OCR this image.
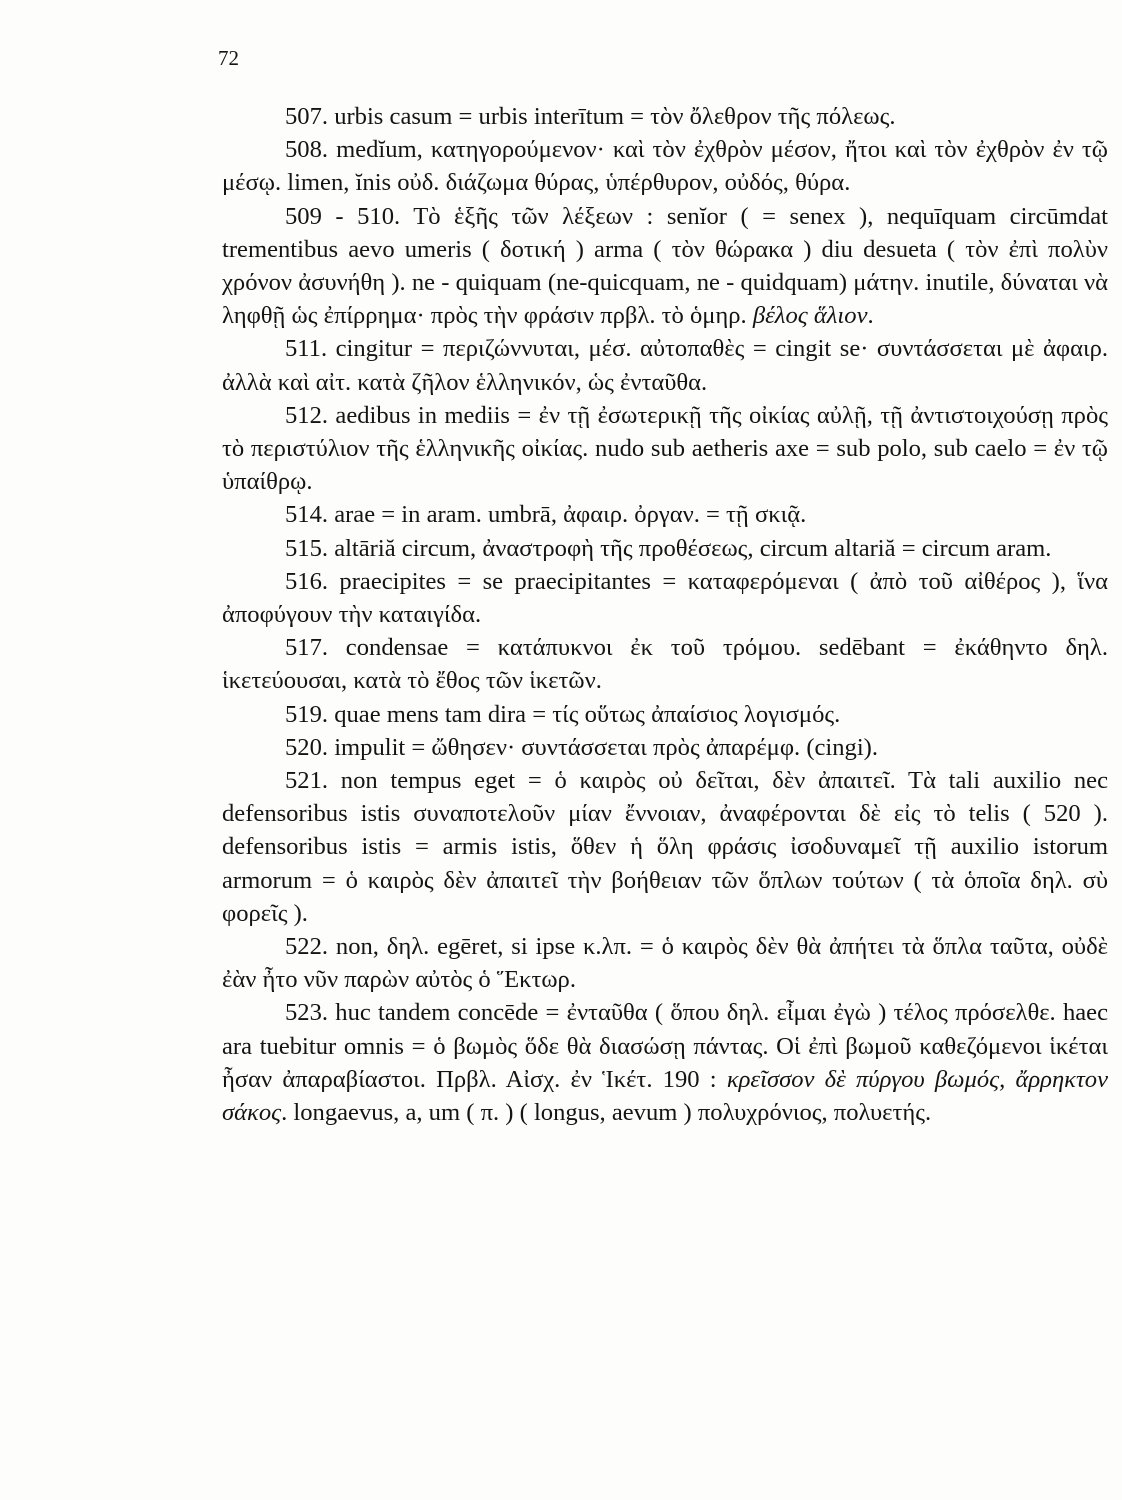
72

507. urbis casum = urbis interītum = τὸν ὄλεθρον τῆς πόλεως.

508. medĭum, κατηγορούμενον· καὶ τὸν ἐχθρὸν μέσον, ἤτοι καὶ τὸν ἐχθρὸν ἐν τῷ μέσῳ. limen, ĭnis οὐδ. διάζωμα θύρας, ὑπέρθυρον, οὐδός, θύρα.

509 - 510. Τὸ ἑξῆς τῶν λέξεων : senĭor ( = senex ), nequīquam circūmdat trementibus aevo umeris ( δοτική ) arma ( τὸν θώρακα ) diu desueta ( τὸν ἐπὶ πολὺν χρόνον ἀσυνήθη ). ne - quiquam (ne-quicquam, ne - quidquam) μάτην. inutile, δύναται νὰ ληφθῇ ὡς ἐπίρρημα· πρὸς τὴν φράσιν πρβλ. τὸ ὁμηρ. βέλος ἅλιον.

511. cingitur = περιζώννυται, μέσ. αὐτοπαθὲς = cingit se· συντάσσεται μὲ ἀφαιρ. ἀλλὰ καὶ αἰτ. κατὰ ζῆλον ἑλληνικόν, ὡς ἐνταῦθα.

512. aedibus in mediis = ἐν τῇ ἐσωτερικῇ τῆς οἰκίας αὐλῇ, τῇ ἀντιστοιχούσῃ πρὸς τὸ περιστύλιον τῆς ἑλληνικῆς οἰκίας. nudo sub aetheris axe = sub polo, sub caelo = ἐν τῷ ὑπαίθρῳ.

514. arae = in aram. umbrā, ἀφαιρ. ὀργαν. = τῇ σκιᾷ.

515. altāriă circum, ἀναστροφὴ τῆς προθέσεως, circum altariă = circum aram.

516. praecipites = se praecipitantes = καταφερόμεναι ( ἀπὸ τοῦ αἰθέρος ), ἵνα ἀποφύγουν τὴν καταιγίδα.

517. condensae = κατάπυκνοι ἐκ τοῦ τρόμου. sedēbant = ἐκάθηντο δηλ. ἱκετεύουσαι, κατὰ τὸ ἔθος τῶν ἱκετῶν.

519. quae mens tam dira = τίς οὕτως ἀπαίσιος λογισμός.

520. impulit = ὤθησεν· συντάσσεται πρὸς ἀπαρέμφ. (cingi).

521. non tempus eget = ὁ καιρὸς οὐ δεῖται, δὲν ἀπαιτεῖ. Τὰ tali auxilio nec defensoribus istis συναποτελοῦν μίαν ἔννοιαν, ἀναφέρονται δὲ εἰς τὸ telis ( 520 ). defensoribus istis = armis istis, ὅθεν ἡ ὅλη φράσις ἰσοδυναμεῖ τῇ auxilio istorum armorum = ὁ καιρὸς δὲν ἀπαιτεῖ τὴν βοήθειαν τῶν ὅπλων τούτων ( τὰ ὁποῖα δηλ. σὺ φορεῖς ).

522. non, δηλ. egēret, si ipse κ.λπ. = ὁ καιρὸς δὲν θὰ ἀπήτει τὰ ὅπλα ταῦτα, οὐδὲ ἐὰν ἦτο νῦν παρὼν αὐτὸς ὁ Ἕκτωρ.

523. huc tandem concēde = ἐνταῦθα ( ὅπου δηλ. εἶμαι ἐγὼ ) τέλος πρόσελθε. haec ara tuebitur omnis = ὁ βωμὸς ὅδε θὰ διασώσῃ πάντας. Οἱ ἐπὶ βωμοῦ καθεζόμενοι ἱκέται ἦσαν ἀπαραβίαστοι. Πρβλ. Αἰσχ. ἐν Ἱκέτ. 190 : κρεῖσσον δὲ πύργου βωμός, ἄρρηκτον σάκος. longaevus, a, um ( π. ) ( longus, aevum ) πολυχρόνιος, πολυετής.
